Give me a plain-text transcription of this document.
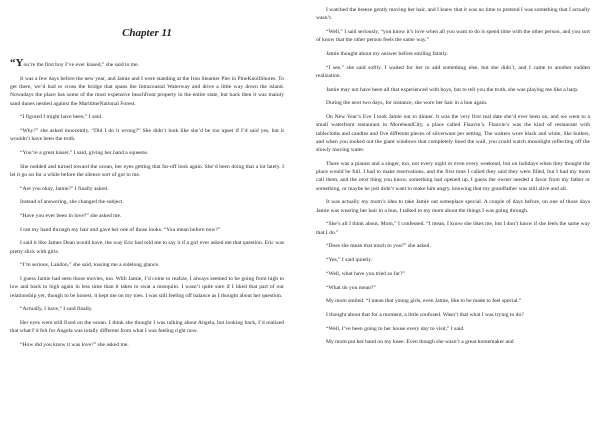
Chapter 11

“You’re the first boy I’ve ever kissed,” she said to me.

It was a few days before the new year, and Jamie and I were standing at the Iron Steamer Pier in PineKnollShores. To get there, we’d had to cross the bridge that spans the Intracoastal Waterway and drive a little way down the island. Nowadays the place has some of the most expensive beachfront property in the entire state, but back then it was mainly sand dunes nestled against the MaritimeNational Forest.

“I figured I might have been,” I said.

“Why?” she asked innocently. “Did I do it wrong?” She didn’t look like she’d be too upset if I’d said yes, but it wouldn’t have been the truth.

“You’re a great kisser,” I said, giving her hand a squeeze.

She nodded and turned toward the ocean, her eyes getting that far-off look again. She’d been doing that a lot lately. I let it go on for a while before the silence sort of got to me.

“Are you okay, Jamie?” I finally asked.

Instead of answering, she changed the subject.

“Have you ever been in love?” she asked me.

I ran my hand through my hair and gave her one of those looks. “You mean before now?”

I said it like James Dean would have, the way Eric had told me to say it if a girl ever asked me that question. Eric was pretty slick with girls.

“I’m serious, Landon,” she said, tossing me a sidelong glance.

I guess Jamie had seen those movies, too. With Jamie, I’d come to realize, I always seemed to be going from high to low and back to high again in less time than it takes to swat a mosquito. I wasn’t quite sure if I liked that part of our relationship yet, though to be honest, it kept me on my toes. I was still feeling off balance as I thought about her question.

“Actually, I have,” I said finally.

Her eyes were still fixed on the ocean. I think she thought I was talking about Angela, but looking back, I’d realized that what I’d felt for Angela was totally different from what I was feeling right now.

“How did you know it was love?” she asked me.

I watched the breeze gently moving her hair, and I knew that it was no time to pretend I was something that I actually wasn’t.

“Well,” I said seriously, “you know it’s love when all you want to do is spend time with the other person, and you sort of know that the other person feels the same way.”

Jamie thought about my answer before smiling faintly.

“I see,” she said softly. I waited for her to add something else, but she didn’t, and I came to another sudden realization.

Jamie may not have been all that experienced with boys, but to tell you the truth, she was playing me like a harp.

During the next two days, for instance, she wore her hair in a bun again.

On New Year’s Eve I took Jamie out to dinner. It was the very first real date she’d ever been on, and we went to a small waterfront restaurant in MoreheadCity, a place called Flauvin’s. Flauvin’s was the kind of restaurant with tablecloths and candles and five different pieces of silverware per setting. The waiters wore black and white, like butlers, and when you looked out the giant windows that completely lined the wall, you could watch moonlight reflecting off the slowly moving water.

There was a pianist and a singer, too, not every night or even every weekend, but on holidays when they thought the place would be full. I had to make reservations, and the first time I called they said they were filled, but I had my mom call them, and the next thing you know, something had opened up. I guess the owner needed a favor from my father or something, or maybe he just didn’t want to make him angry, knowing that my grandfather was still alive and all.

It was actually my mom’s idea to take Jamie out someplace special. A couple of days before, on one of those days Jamie was wearing her hair in a bun, I talked to my mom about the things I was going through.

“She’s all I think about, Mom,” I confessed. “I mean, I know she likes me, but I don’t know if she feels the same way that I do.”

“Does she mean that much to you?” she asked.

“Yes,” I said quietly.

“Well, what have you tried so far?”

“What do you mean?”

My mom smiled. “I mean that young girls, even Jamie, like to be made to feel special.”

I thought about that for a moment, a little confused. Wasn’t that what I was trying to do?

“Well, I’ve been going to her house every day to visit,” I said.

My mom put her hand on my knee. Even though she wasn’t a great homemaker and
